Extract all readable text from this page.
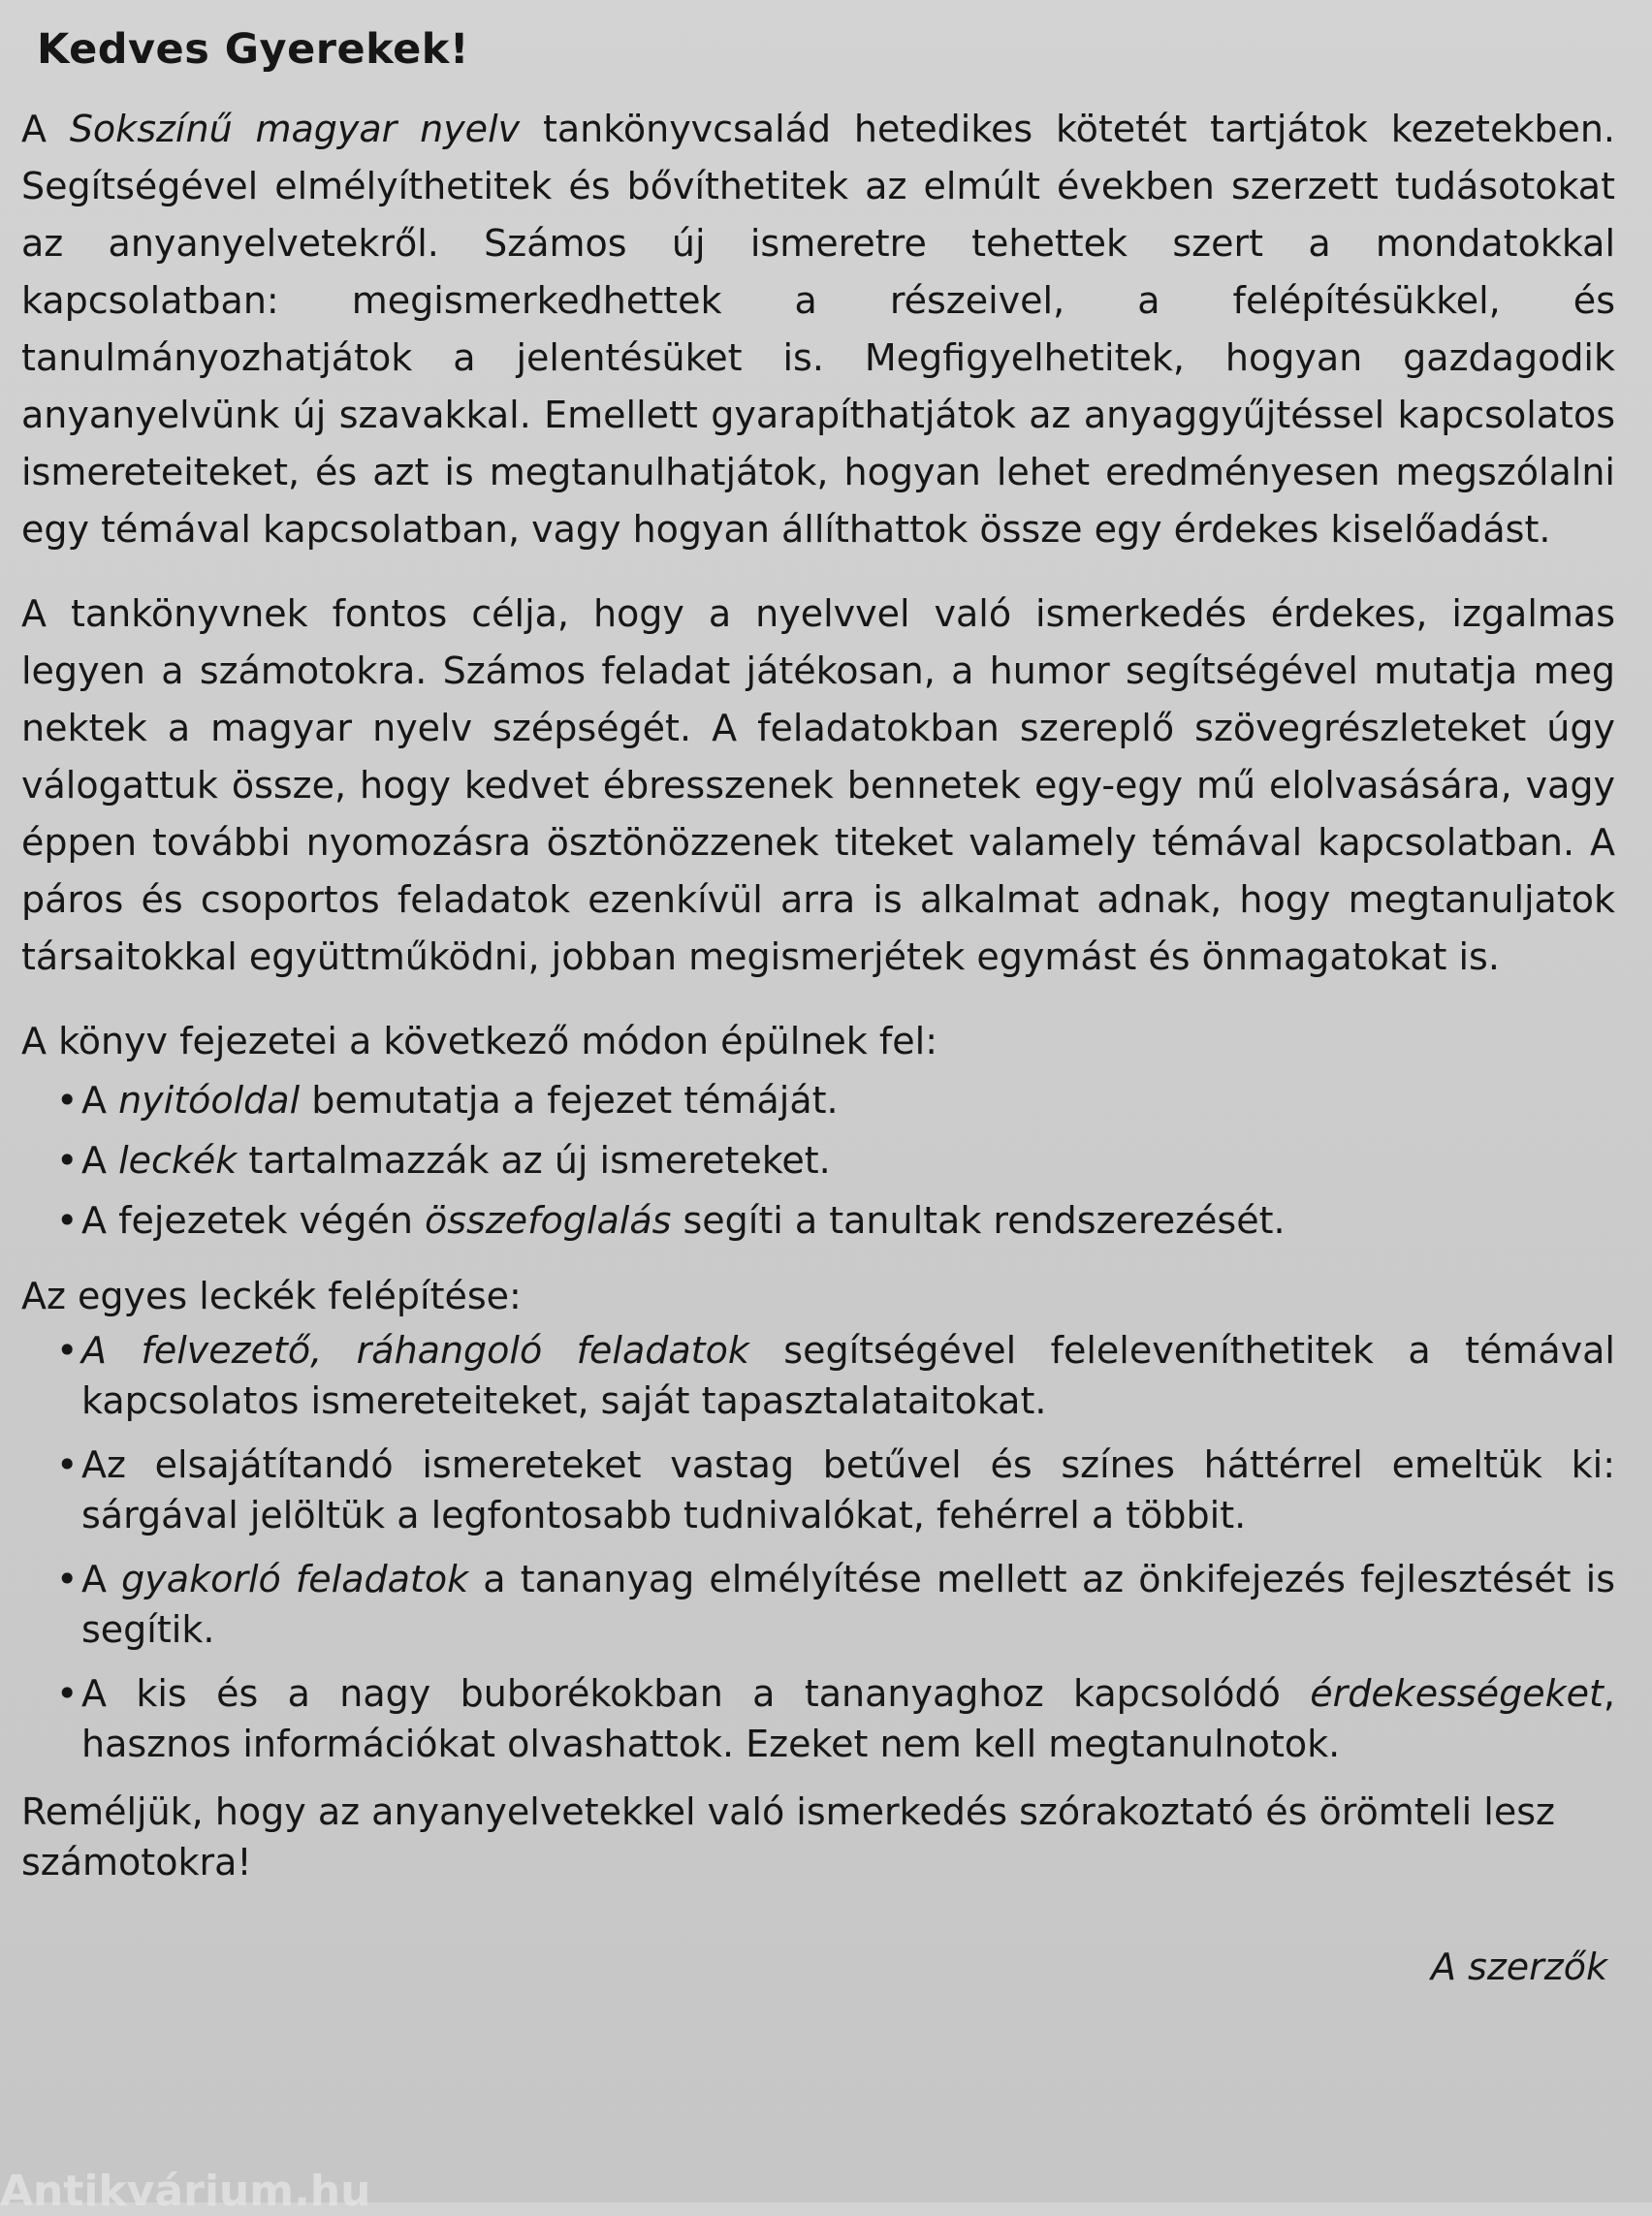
Kedves Gyerekek!

A Sokszínű magyar nyelv tankönyvcsalád hetedikes kötetét tartjátok kezetekben. Segítségével elmélyíthetitek és bővíthetitek az elmúlt években szerzett tudásotokat az anyanyelvetekről. Számos új ismeretre tehettek szert a mondatokkal kapcsolatban: megismerkedhettek a részeivel, a felépítésükkel, és tanulmányozhatjátok a jelentésüket is. Megfigyelhetitek, hogyan gazdagodik anyanyelvünk új szavakkal. Emellett gyarapíthatjátok az anyaggyűjtéssel kapcsolatos ismereteiteket, és azt is megtanulhatjátok, hogyan lehet eredményesen megszólalni egy témával kapcsolatban, vagy hogyan állíthattok össze egy érdekes kiselőadást.

A tankönyvnek fontos célja, hogy a nyelvvel való ismerkedés érdekes, izgalmas legyen a számotokra. Számos feladat játékosan, a humor segítségével mutatja meg nektek a magyar nyelv szépségét. A feladatokban szereplő szövegrészleteket úgy válogattuk össze, hogy kedvet ébresszenek bennetek egy-egy mű elolvasására, vagy éppen további nyomozásra ösztönözzenek titeket valamely témával kapcsolatban. A páros és csoportos feladatok ezenkívül arra is alkalmat adnak, hogy megtanuljatok társaitokkal együttműködni, jobban megismerjétek egymást és önmagatokat is.

A könyv fejezetei a következő módon épülnek fel:

• A nyitóoldal bemutatja a fejezet témáját.
• A leckék tartalmazzák az új ismereteket.
• A fejezetek végén összefoglalás segíti a tanultak rendszerezését.

Az egyes leckék felépítése:

• A felvezető, ráhangoló feladatok segítségével feleleveníthetitek a témával kapcsolatos ismereteiteket, saját tapasztalataitokat.
• Az elsajátítandó ismereteket vastag betűvel és színes háttérrel emeltük ki: sárgával jelöltük a legfontosabb tudnivalókat, fehérrel a többit.
• A gyakorló feladatok a tananyag elmélyítése mellett az önkifejezés fejlesztését is segítik.
• A kis és a nagy buborékokban a tananyaghoz kapcsolódó érdekességeket, hasznos információkat olvashattok. Ezeket nem kell megtanulnotok.

Reméljük, hogy az anyanyelvetekkel való ismerkedés szórakoztató és örömteli lesz számotokra!

A szerzők

Antikvárium.hu
